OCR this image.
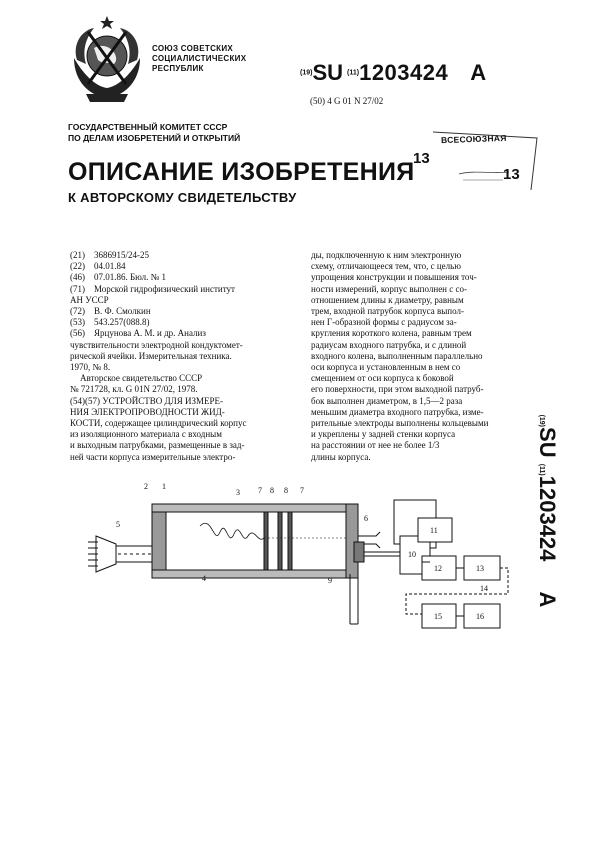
СОЮЗ СОВЕТСКИХ
СОЦИАЛИСТИЧЕСКИХ
РЕСПУБЛИК	(19)SU (11)1203424 A
(50) 4 G 01 N 27/02
ГОСУДАРСТВЕННЫЙ КОМИТЕТ СССР
ПО ДЕЛАМ ИЗОБРЕТЕНИЙ И ОТКРЫТИЙ	ВСЕСОЮЗНАЯ
13
13
ОПИСАНИЕ ИЗОБРЕТЕНИЯ
К АВТОРСКОМУ СВИДЕТЕЛЬСТВУ
(21) 3686915/24-25
(22) 04.01.84
(46) 07.01.86. Бюл. № 1
(71) Морской гидрофизический институт
АН УССР
(72) В. Ф. Смолкин
(53) 543.257(088.8)
(56) Ярцунова А. М. и др. Анализ
чувствительности электродной кондуктомет-
рической ячейки. Измерительная техника.
1970, № 8.
Авторское свидетельство СССР
№ 721728, кл. G 01N 27/02, 1978.
(54)(57) УСТРОЙСТВО ДЛЯ ИЗМЕРЕ-
НИЯ ЭЛЕКТРОПРОВОДНОСТИ ЖИД-
КОСТИ, содержащее цилиндрический корпус
из изоляционного материала с входным
и выходным патрубками, размещенные в зад-
ней части корпуса измерительные электро-
ды, подключенную к ним электронную
схему, отличающееся тем, что, с целью
упрощения конструкции и повышения точ-
ности измерений, корпус выполнен с со-
отношением длины к диаметру, равным
трем, входной патрубок корпуса выпол-
нен Г-образной формы с радиусом за-
кругления короткого колена, равным трем
радиусам входного патрубка, и с длиной
входного колена, выполненным параллельно
оси корпуса и установленным в нем со
смещением от оси корпуса к боковой
его поверхности, при этом выходной патруб-
бок выполнен диаметром, в 1,5—2 раза
меньшим диаметра входного патрубка, изме-
рительные электроды выполнены кольцевыми
и укреплены у задней стенки корпуса
на расстоянии от нее не более 1/3
длины корпуса.
(19)SU (11)1203424 A
2 1
5
4
3 7 8 8 7
6
9
10
11
12	13
14
15	16
